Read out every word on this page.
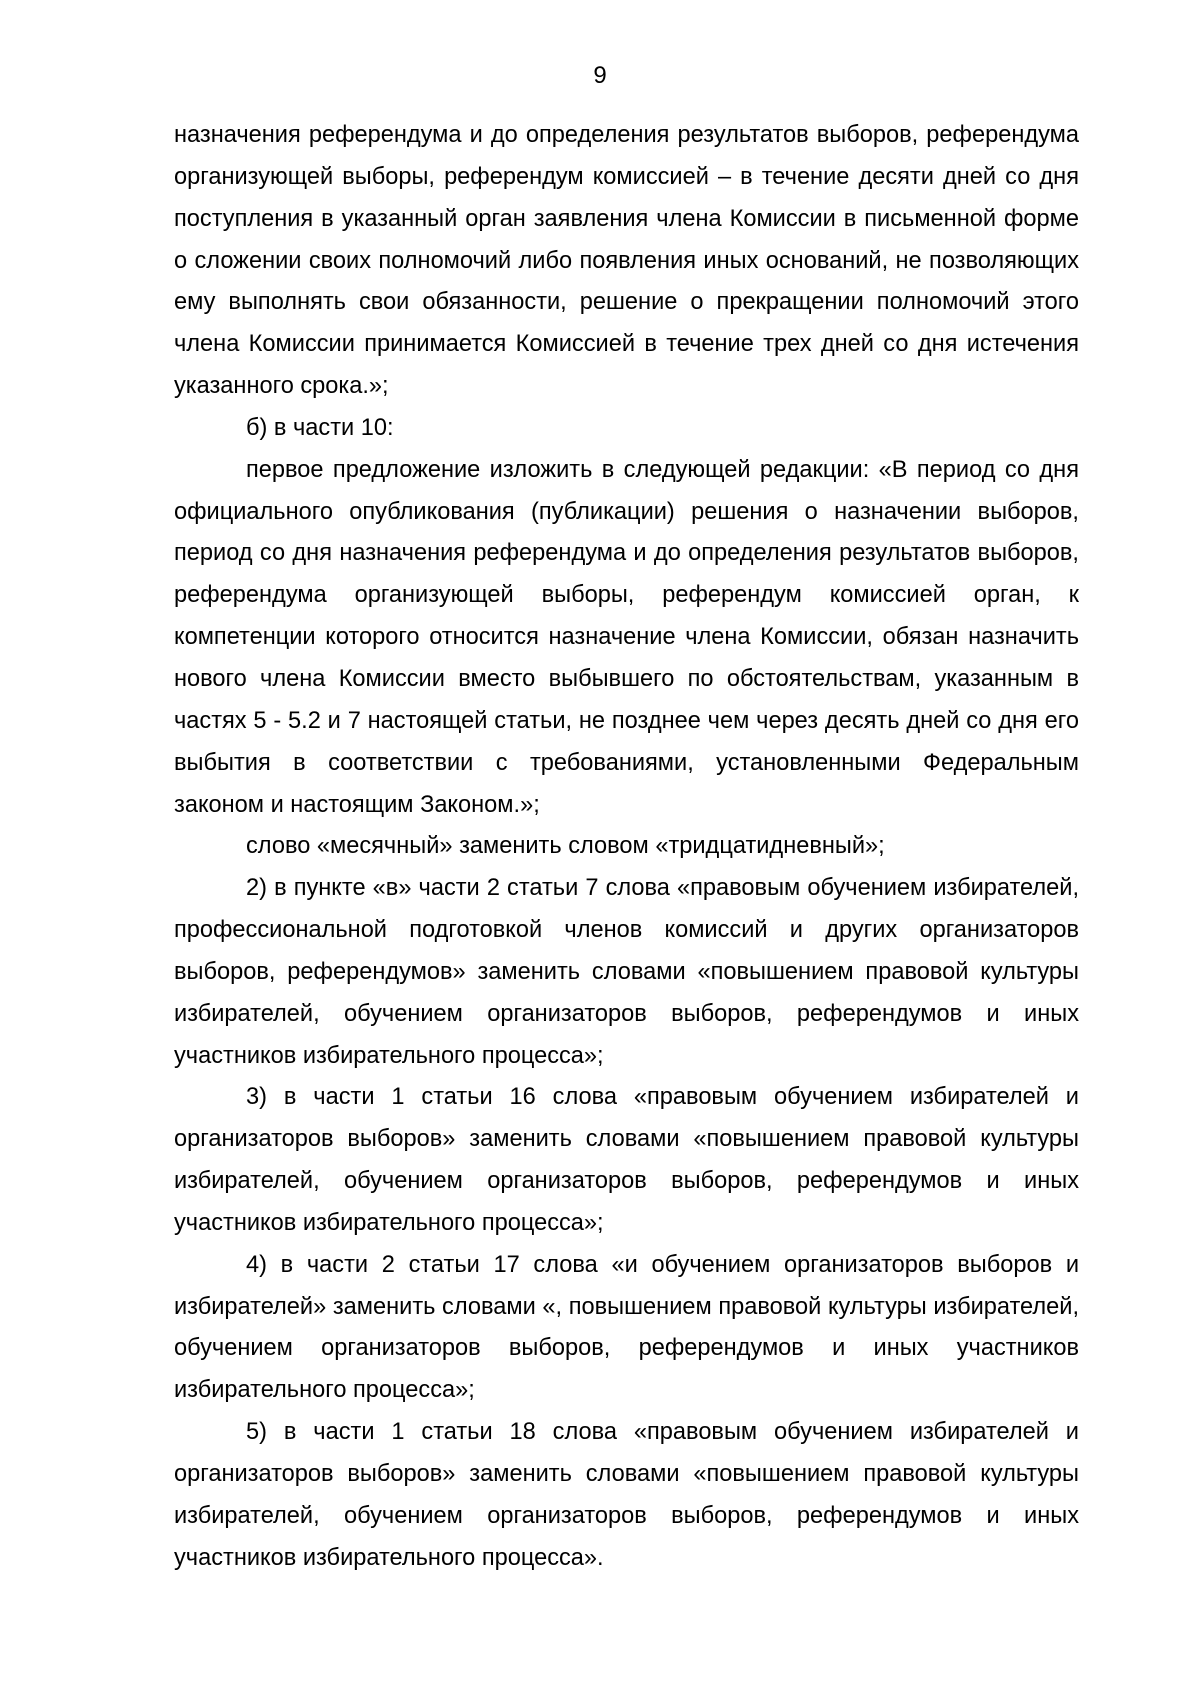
9

назначения референдума и до определения результатов выборов, референдума организующей выборы, референдум комиссией – в течение десяти дней со дня поступления в указанный орган заявления члена Комиссии в письменной форме о сложении своих полномочий либо появления иных оснований, не позволяющих ему выполнять свои обязанности, решение о прекращении полномочий этого члена Комиссии принимается Комиссией в течение трех дней со дня истечения указанного срока.»;

б) в части 10:

первое предложение изложить в следующей редакции: «В период со дня официального опубликования (публикации) решения о назначении выборов, период со дня назначения референдума и до определения результатов выборов, референдума организующей выборы, референдум комиссией орган, к компетенции которого относится назначение члена Комиссии, обязан назначить нового члена Комиссии вместо выбывшего по обстоятельствам, указанным в частях 5 - 5.2 и 7 настоящей статьи, не позднее чем через десять дней со дня его выбытия в соответствии с требованиями, установленными Федеральным законом и настоящим Законом.»;

слово «месячный» заменить словом «тридцатидневный»;

2) в пункте «в» части 2 статьи 7 слова «правовым обучением избирателей, профессиональной подготовкой членов комиссий и других организаторов выборов, референдумов» заменить словами «повышением правовой культуры избирателей, обучением организаторов выборов, референдумов и иных участников избирательного процесса»;

3) в части 1 статьи 16 слова «правовым обучением избирателей и организаторов выборов» заменить словами «повышением правовой культуры избирателей, обучением организаторов выборов, референдумов и иных участников избирательного процесса»;

4) в части 2 статьи 17 слова «и обучением организаторов выборов и избирателей» заменить словами «, повышением правовой культуры избирателей, обучением организаторов выборов, референдумов и иных участников избирательного процесса»;

5) в части 1 статьи 18 слова «правовым обучением избирателей и организаторов выборов» заменить словами «повышением правовой культуры избирателей, обучением организаторов выборов, референдумов и иных участников избирательного процесса».
